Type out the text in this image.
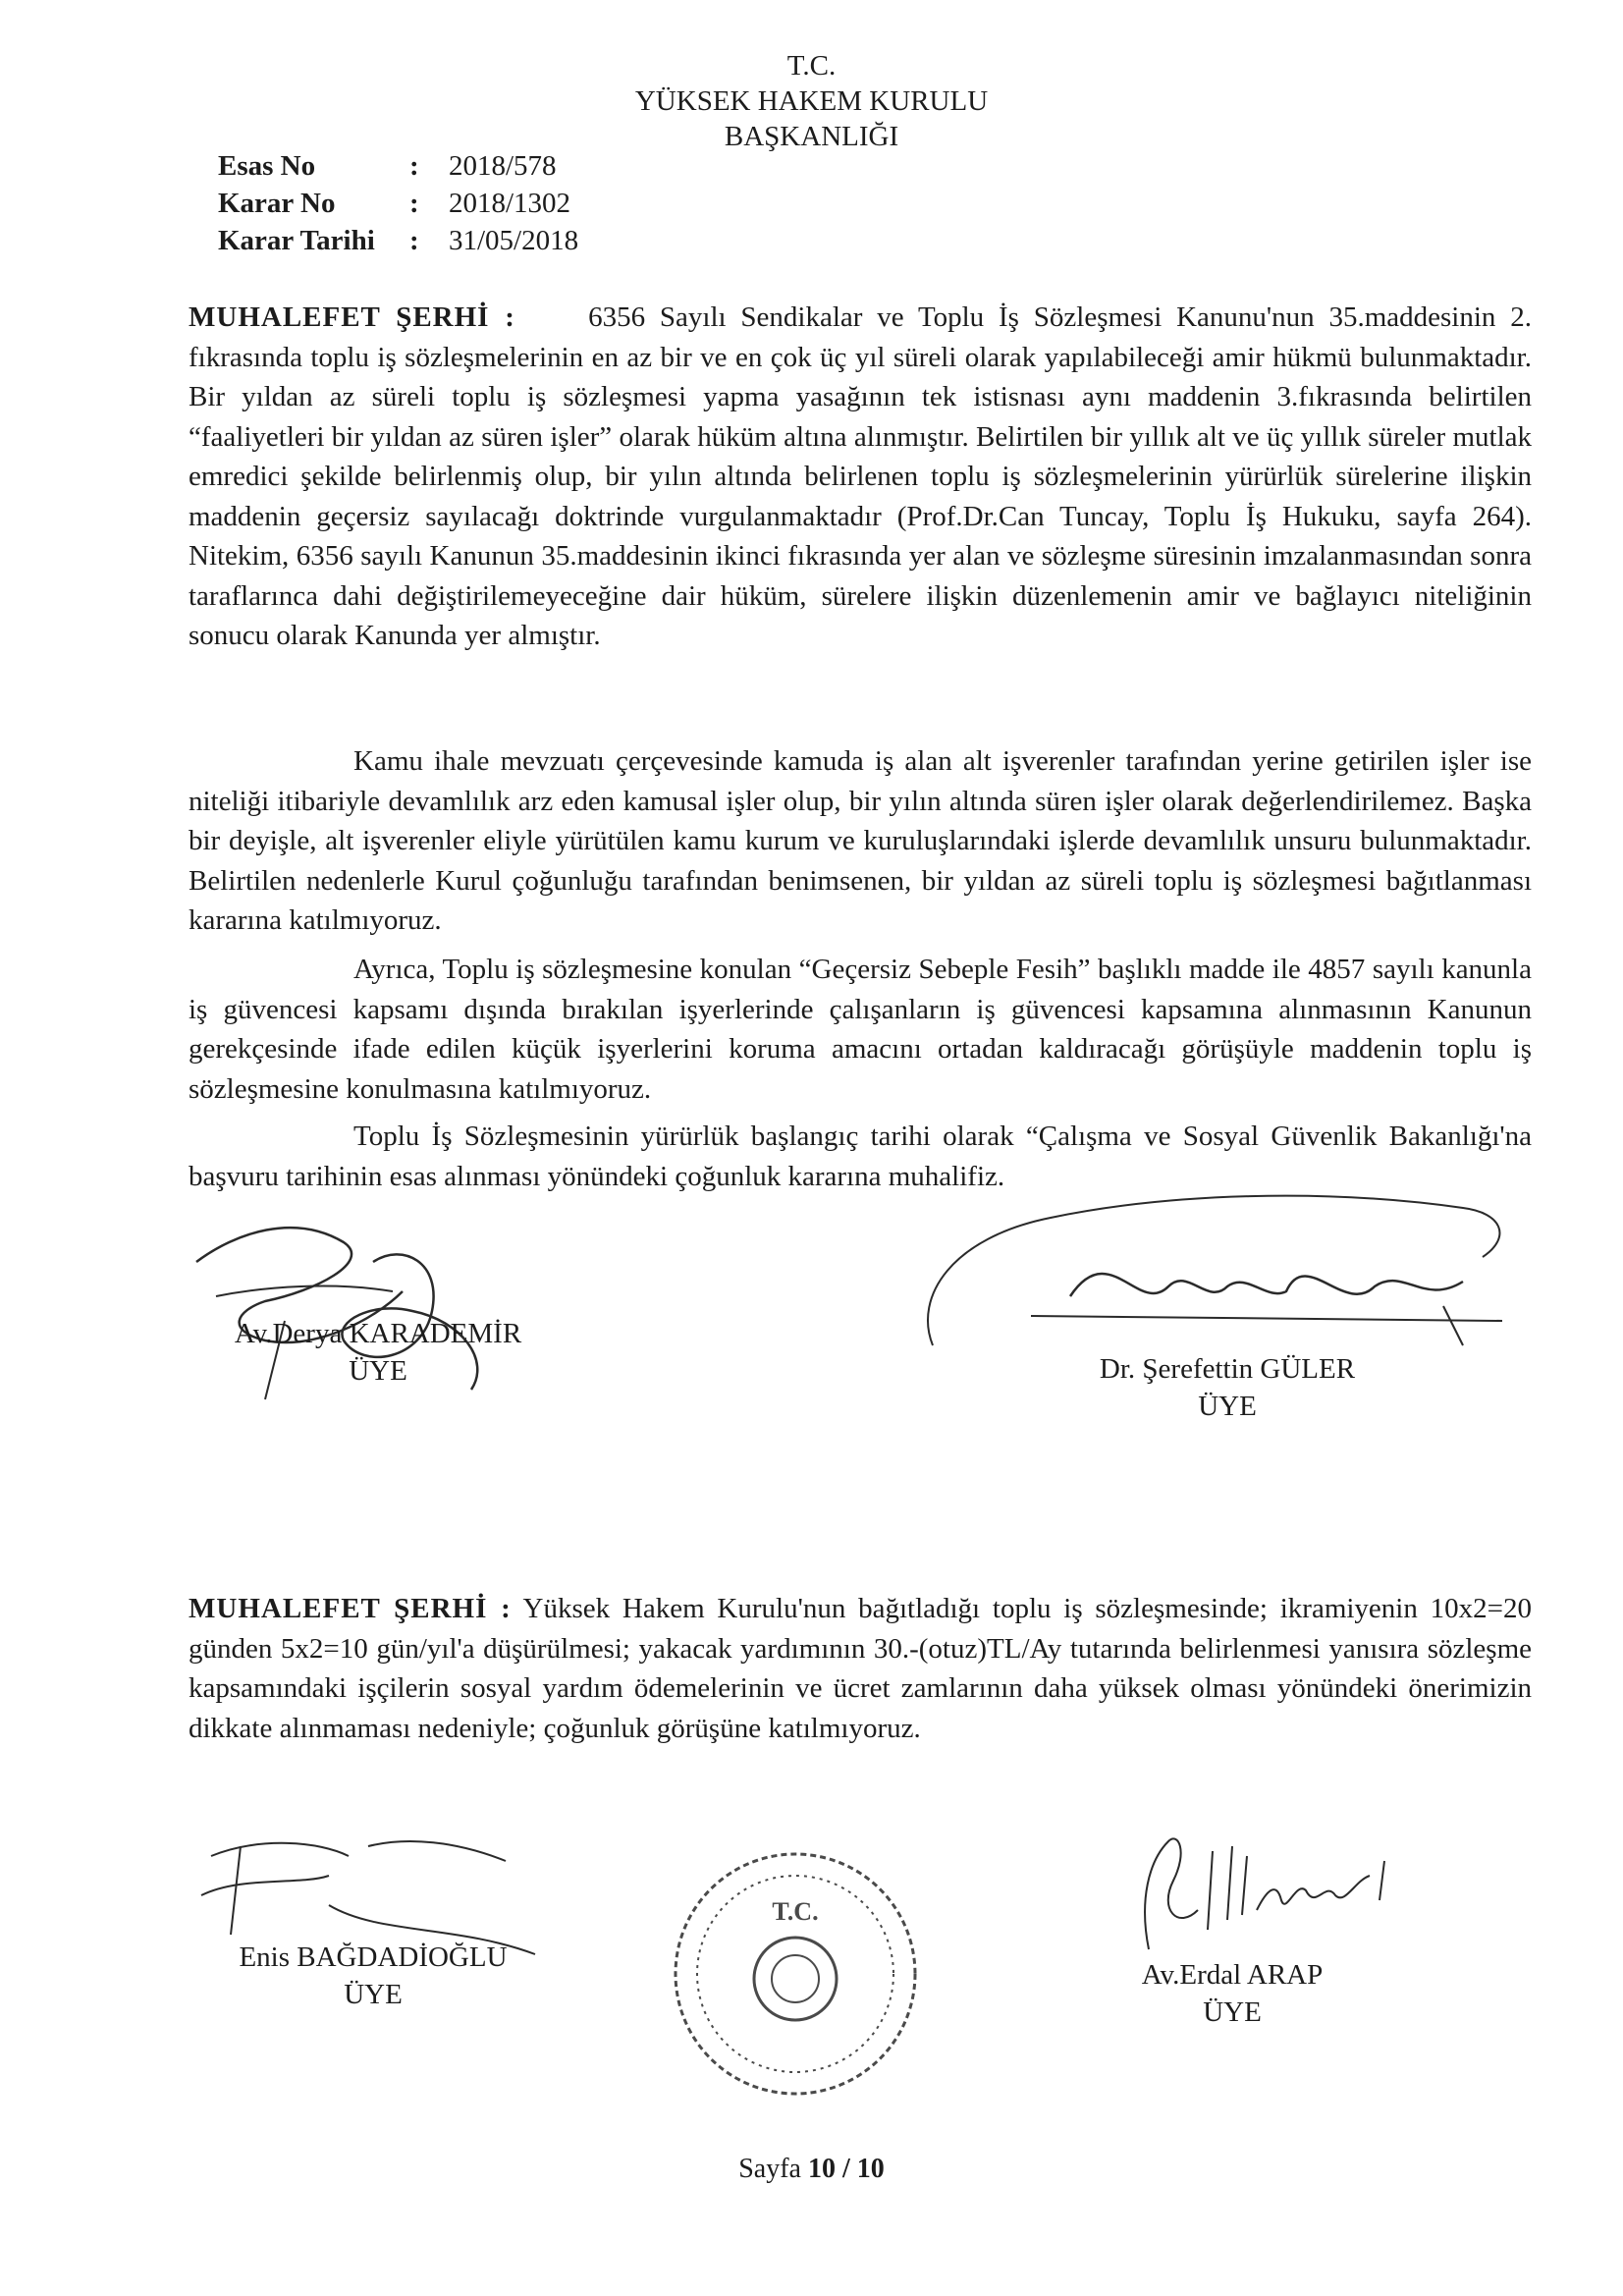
T.C.
YÜKSEK HAKEM KURULU
BAŞKANLIĞI
Esas No	: 2018/578
Karar No	: 2018/1302
Karar Tarihi : 31/05/2018

MUHALEFET ŞERHİ :	6356 Sayılı Sendikalar ve Toplu İş Sözleşmesi Kanunu'nun 35.maddesinin 2. fıkrasında toplu iş sözleşmelerinin en az bir ve en çok üç yıl süreli olarak yapılabileceği amir hükmü bulunmaktadır. Bir yıldan az süreli toplu iş sözleşmesi yapma yasağının tek istisnası aynı maddenin 3.fıkrasında belirtilen “faaliyetleri bir yıldan az süren işler” olarak hüküm altına alınmıştır. Belirtilen bir yıllık alt ve üç yıllık süreler mutlak emredici şekilde belirlenmiş olup, bir yılın altında belirlenen toplu iş sözleşmelerinin yürürlük sürelerine ilişkin maddenin geçersiz sayılacağı doktrinde vurgulanmaktadır (Prof.Dr.Can Tuncay, Toplu İş Hukuku, sayfa 264). Nitekim, 6356 sayılı Kanunun 35.maddesinin ikinci fıkrasında yer alan ve sözleşme süresinin imzalanmasından sonra taraflarınca dahi değiştirilemeyeceğine dair hüküm, sürelere ilişkin düzenlemenin amir ve bağlayıcı niteliğinin sonucu olarak Kanunda yer almıştır.

Kamu ihale mevzuatı çerçevesinde kamuda iş alan alt işverenler tarafından yerine getirilen işler ise niteliği itibariyle devamlılık arz eden kamusal işler olup, bir yılın altında süren işler olarak değerlendirilemez. Başka bir deyişle, alt işverenler eliyle yürütülen kamu kurum ve kuruluşlarındaki işlerde devamlılık unsuru bulunmaktadır. Belirtilen nedenlerle Kurul çoğunluğu tarafından benimsenen, bir yıldan az süreli toplu iş sözleşmesi bağıtlanması kararına katılmıyoruz.

Ayrıca, Toplu iş sözleşmesine konulan “Geçersiz Sebeple Fesih” başlıklı madde ile 4857 sayılı kanunla iş güvencesi kapsamı dışında bırakılan işyerlerinde çalışanların iş güvencesi kapsamına alınmasının Kanunun gerekçesinde ifade edilen küçük işyerlerini koruma amacını ortadan kaldıracağı görüşüyle maddenin toplu iş sözleşmesine konulmasına katılmıyoruz.

Toplu İş Sözleşmesinin yürürlük başlangıç tarihi olarak “Çalışma ve Sosyal Güvenlik Bakanlığı'na başvuru tarihinin esas alınması yönündeki çoğunluk kararına muhalifiz.

Av.Derya KARADEMİR
ÜYE	Dr. Şerefettin GÜLER
ÜYE

MUHALEFET ŞERHİ : Yüksek Hakem Kurulu'nun bağıtladığı toplu iş sözleşmesinde; ikramiyenin 10x2=20 günden 5x2=10 gün/yıl'a düşürülmesi; yakacak yardımının 30.-(otuz)TL/Ay tutarında belirlenmesi yanısıra sözleşme kapsamındaki işçilerin sosyal yardım ödemelerinin ve ücret zamlarının daha yüksek olması yönündeki önerimizin dikkate alınmaması nedeniyle; çoğunluk görüşüne katılmıyoruz.

Enis BAĞDADİOĞLU
ÜYE
T.C.
Av.Erdal ARAP
ÜYE
Sayfa 10 / 10
